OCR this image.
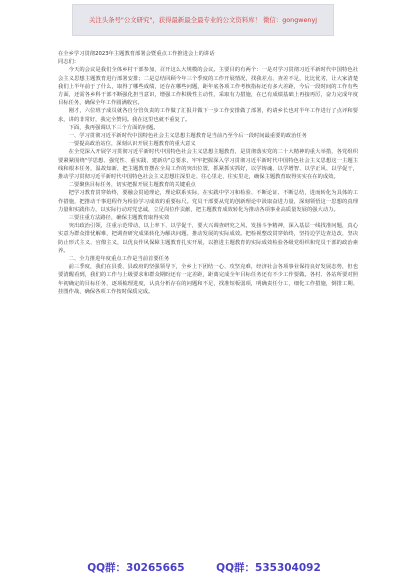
关注头条号"公文研究"，获得最新最全最专业的公文资料库！ 微信：gongwenyj

在全乡学习贯彻2023年主题教育部署会暨重点工作推进会上的讲话

同志们：

今天的会议是我们全体乡村干部参加，召开这么大规模的会议。主要目的有两个：一是对学习贯彻习近平新时代中国特色社会主义思想主题教育进行部署安排；二是总结回顾今年三个季度的工作开展情况，找我差点、查差不足，比比优劣，让大家清楚我们上半年前于了什么，取得了哪些成绩，还存在哪些问题，距年底各项工作考核指标还有多大差距，今后一段时间的工作有些方面，还需各乡科干部不断强化担当意识，增强工作积极性主动性，采取有力措施，在已有成绩基础上再接再厉，奋力完成年度目标任务，确保全年工作圆满收官。

刚才，六位班子成员就各自分管负责的工作做了汇报并做下一步工作安排做了部署，约请乡长也对半年工作进行了点评和要求，讲的非常好，我完全赞同。我在这里也就不重复了。

下面，我再强调以下三个方面的问题。

一、学习贯彻习近平新时代中国特色社会主义思想主题教育是当前乃至今后一段时间最重要的政治任务

一要提高政治站位，深刻认识开展主题教育的重大意义

在全党深入开展学习贯彻习近平新时代中国特色社会主义思想主题教育，是贯彻落实党的二十大精神的重大举措，各党组织要紧紧围绕"学思想、强党性、重实践、建新功"总要求，牢牢把握深入学习贯彻习近平新时代中国特色社会主义思想这一主题主线和根本任务，温故知新，把主题教育摆在全局工作的突出位置，抓紧抓实抓好，以学铸魂、以学增智、以学正风、以学促干，推动学习贯彻习近平新时代中国特色社会主义思想往深里走、往心里走、往实里走，确保主题教育取得实实在在的成效。

二要聚焦目标任务，切实把握开展主题教育的关键重点

把学习教育贯穿始终，要融会贯通理论，理论联系实际，在实践中学习和检验、不断论证、不断总结，进而转化为具体的工作措施，把推动干事进程作为检验学习成效的重要标尺。党员干部要从党的创新理论中汲取奋进力量，深刻领悟这一思想的真理力量和实践伟力，以实际行动对党忠诚，立足岗位作贡献，把主题教育成效转化为推动各项事业高质量发展的强大动力。

三要注重方法路径，确保主题教育取得实效

突出政治引领，注重示范带动，以上率下、以学促干，要大兴调查研究之风，发扬斗争精神，深入基层一线找准问题，真心实意为群众排忧解难，把调查研究成果转化为解决问题、推动发展的实际成效。把检视整改贯穿始终，坚持边学边查边改，坚决防止形式主义、官僚主义，以优良作风保障主题教育扎实开展，以推进主题教育的实际成效检验各级党组织和党员干部的政治素养。

二、全力推进年度重点工作是当前首要任务

前三季度，我们在县委、县政府的坚强领导下，全乡上下团结一心、攻坚克难，经济社会各项事业保持良好发展态势，但也要清醒看到，我们的工作与上级要求和群众期盼还有一定差距，距离完成全年目标任务还有不少工作要做。各村、各站所要对照年初确定的目标任务，逐项梳理进度，认真分析存在的问题和不足，找准短板弱项，明确责任分工，细化工作措施，倒排工期、挂图作战，确保各项工作按时保质完成。

QQ群：30265665	QQ群：535304092
